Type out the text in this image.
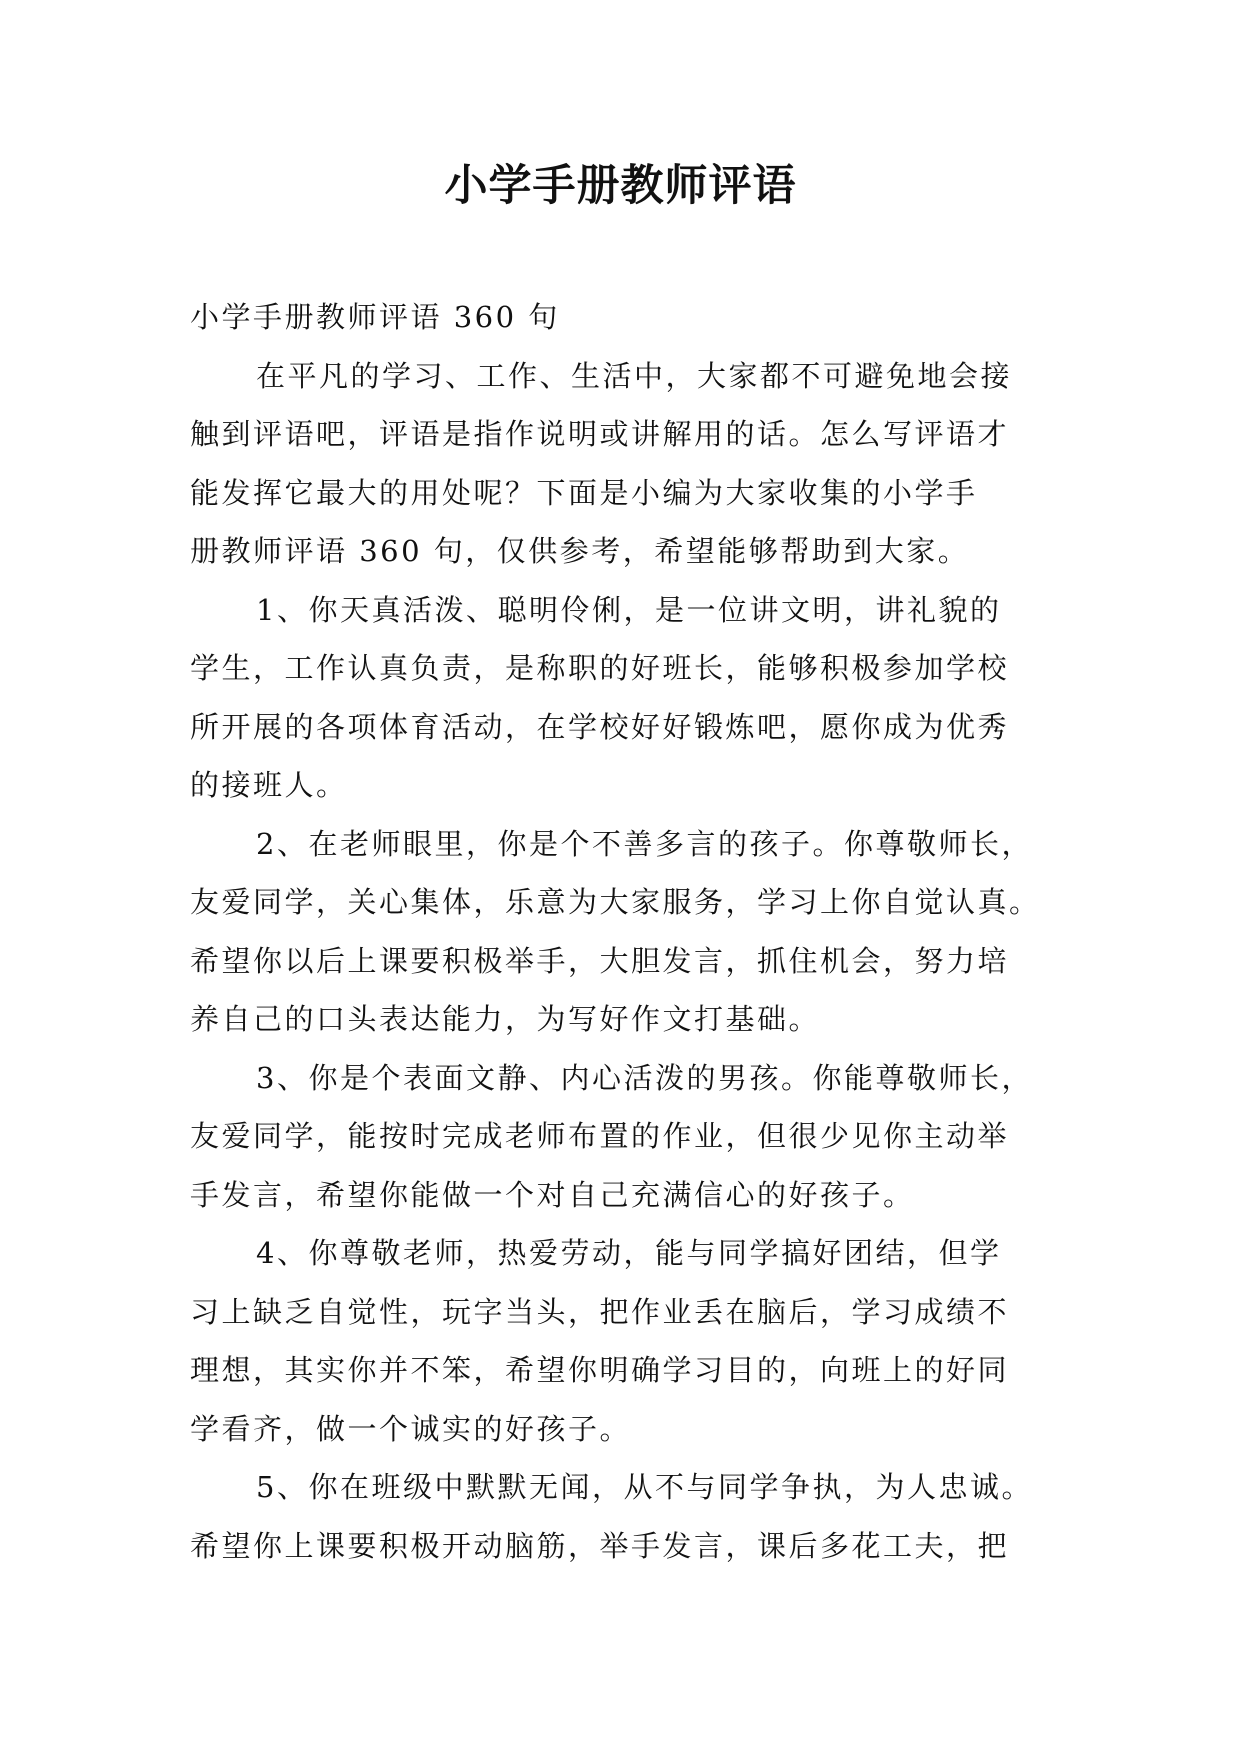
小学手册教师评语
小学手册教师评语 360 句
在平凡的学习、工作、生活中，大家都不可避免地会接
触到评语吧，评语是指作说明或讲解用的话。怎么写评语才
能发挥它最大的用处呢？下面是小编为大家收集的小学手
册教师评语 360 句，仅供参考，希望能够帮助到大家。
1、你天真活泼、聪明伶俐，是一位讲文明，讲礼貌的
学生，工作认真负责，是称职的好班长，能够积极参加学校
所开展的各项体育活动，在学校好好锻炼吧，愿你成为优秀
的接班人。
2、在老师眼里，你是个不善多言的孩子。你尊敬师长，
友爱同学，关心集体，乐意为大家服务，学习上你自觉认真。
希望你以后上课要积极举手，大胆发言，抓住机会，努力培
养自己的口头表达能力，为写好作文打基础。
3、你是个表面文静、内心活泼的男孩。你能尊敬师长，
友爱同学，能按时完成老师布置的作业，但很少见你主动举
手发言，希望你能做一个对自己充满信心的好孩子。
4、你尊敬老师，热爱劳动，能与同学搞好团结，但学
习上缺乏自觉性，玩字当头，把作业丢在脑后，学习成绩不
理想，其实你并不笨，希望你明确学习目的，向班上的好同
学看齐，做一个诚实的好孩子。
5、你在班级中默默无闻，从不与同学争执，为人忠诚。
希望你上课要积极开动脑筋，举手发言，课后多花工夫，把
